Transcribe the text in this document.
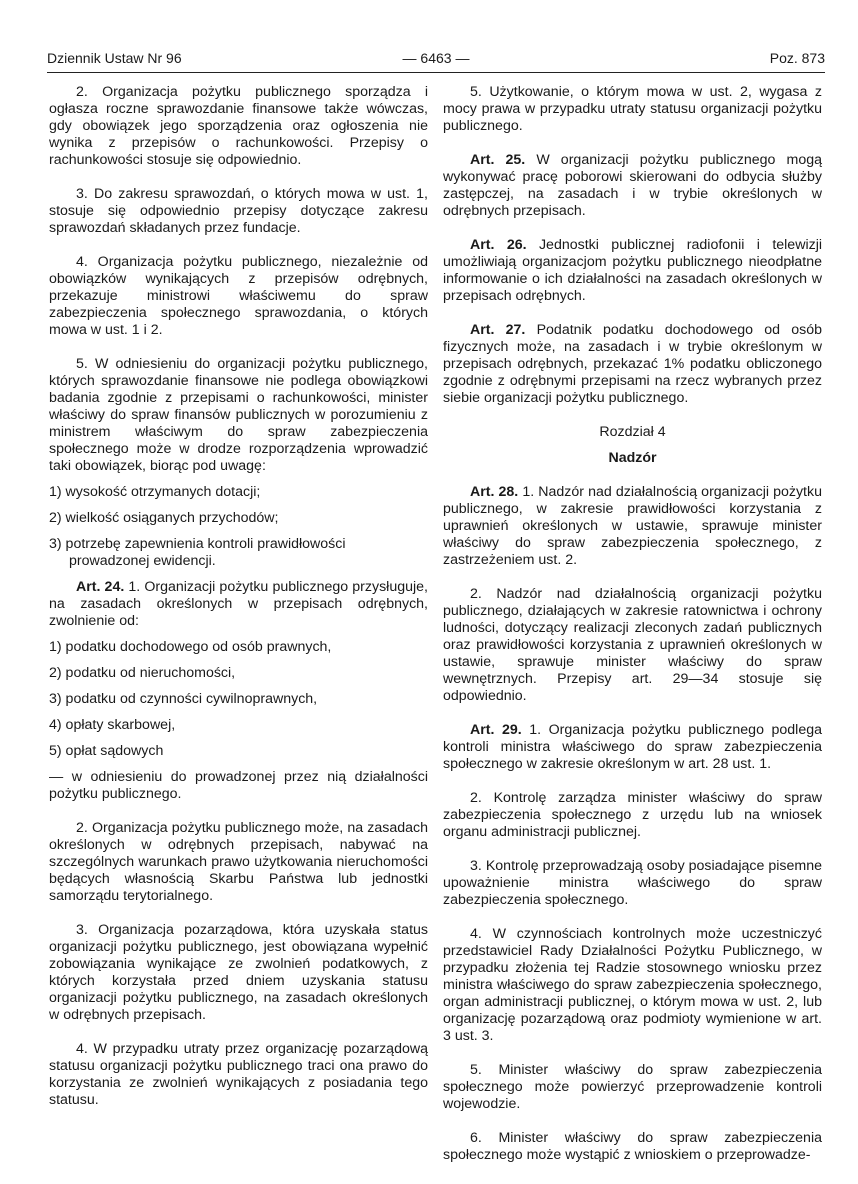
Dziennik Ustaw Nr 96	— 6463 —	Poz. 873

2. Organizacja pożytku publicznego sporządza i ogłasza roczne sprawozdanie finansowe także wówczas, gdy obowiązek jego sporządzenia oraz ogłoszenia nie wynika z przepisów o rachunkowości. Przepisy o rachunkowości stosuje się odpowiednio.

3. Do zakresu sprawozdań, o których mowa w ust. 1, stosuje się odpowiednio przepisy dotyczące zakresu sprawozdań składanych przez fundacje.

4. Organizacja pożytku publicznego, niezależnie od obowiązków wynikających z przepisów odrębnych, przekazuje ministrowi właściwemu do spraw zabezpieczenia społecznego sprawozdania, o których mowa w ust. 1 i 2.

5. W odniesieniu do organizacji pożytku publicznego, których sprawozdanie finansowe nie podlega obowiązkowi badania zgodnie z przepisami o rachunkowości, minister właściwy do spraw finansów publicznych w porozumieniu z ministrem właściwym do spraw zabezpieczenia społecznego może w drodze rozporządzenia wprowadzić taki obowiązek, biorąc pod uwagę:

1) wysokość otrzymanych dotacji;

2) wielkość osiąganych przychodów;

3) potrzebę zapewnienia kontroli prawidłowości prowadzonej ewidencji.

Art. 24. 1. Organizacji pożytku publicznego przysługuje, na zasadach określonych w przepisach odrębnych, zwolnienie od:

1) podatku dochodowego od osób prawnych,

2) podatku od nieruchomości,

3) podatku od czynności cywilnoprawnych,

4) opłaty skarbowej,

5) opłat sądowych

— w odniesieniu do prowadzonej przez nią działalności pożytku publicznego.

2. Organizacja pożytku publicznego może, na zasadach określonych w odrębnych przepisach, nabywać na szczególnych warunkach prawo użytkowania nieruchomości będących własnością Skarbu Państwa lub jednostki samorządu terytorialnego.

3. Organizacja pozarządowa, która uzyskała status organizacji pożytku publicznego, jest obowiązana wypełnić zobowiązania wynikające ze zwolnień podatkowych, z których korzystała przed dniem uzyskania statusu organizacji pożytku publicznego, na zasadach określonych w odrębnych przepisach.

4. W przypadku utraty przez organizację pozarządową statusu organizacji pożytku publicznego traci ona prawo do korzystania ze zwolnień wynikających z posiadania tego statusu.

5. Użytkowanie, o którym mowa w ust. 2, wygasa z mocy prawa w przypadku utraty statusu organizacji pożytku publicznego.

Art. 25. W organizacji pożytku publicznego mogą wykonywać pracę poborowi skierowani do odbycia służby zastępczej, na zasadach i w trybie określonych w odrębnych przepisach.

Art. 26. Jednostki publicznej radiofonii i telewizji umożliwiają organizacjom pożytku publicznego nieodpłatne informowanie o ich działalności na zasadach określonych w przepisach odrębnych.

Art. 27. Podatnik podatku dochodowego od osób fizycznych może, na zasadach i w trybie określonym w przepisach odrębnych, przekazać 1% podatku obliczonego zgodnie z odrębnymi przepisami na rzecz wybranych przez siebie organizacji pożytku publicznego.

Rozdział 4

Nadzór

Art. 28. 1. Nadzór nad działalnością organizacji pożytku publicznego, w zakresie prawidłowości korzystania z uprawnień określonych w ustawie, sprawuje minister właściwy do spraw zabezpieczenia społecznego, z zastrzeżeniem ust. 2.

2. Nadzór nad działalnością organizacji pożytku publicznego, działających w zakresie ratownictwa i ochrony ludności, dotyczący realizacji zleconych zadań publicznych oraz prawidłowości korzystania z uprawnień określonych w ustawie, sprawuje minister właściwy do spraw wewnętrznych. Przepisy art. 29—34 stosuje się odpowiednio.

Art. 29. 1. Organizacja pożytku publicznego podlega kontroli ministra właściwego do spraw zabezpieczenia społecznego w zakresie określonym w art. 28 ust. 1.

2. Kontrolę zarządza minister właściwy do spraw zabezpieczenia społecznego z urzędu lub na wniosek organu administracji publicznej.

3. Kontrolę przeprowadzają osoby posiadające pisemne upoważnienie ministra właściwego do spraw zabezpieczenia społecznego.

4. W czynnościach kontrolnych może uczestniczyć przedstawiciel Rady Działalności Pożytku Publicznego, w przypadku złożenia tej Radzie stosownego wniosku przez ministra właściwego do spraw zabezpieczenia społecznego, organ administracji publicznej, o którym mowa w ust. 2, lub organizację pozarządową oraz podmioty wymienione w art. 3 ust. 3.

5. Minister właściwy do spraw zabezpieczenia społecznego może powierzyć przeprowadzenie kontroli wojewodzie.

6. Minister właściwy do spraw zabezpieczenia społecznego może wystąpić z wnioskiem o przeprowadze-
